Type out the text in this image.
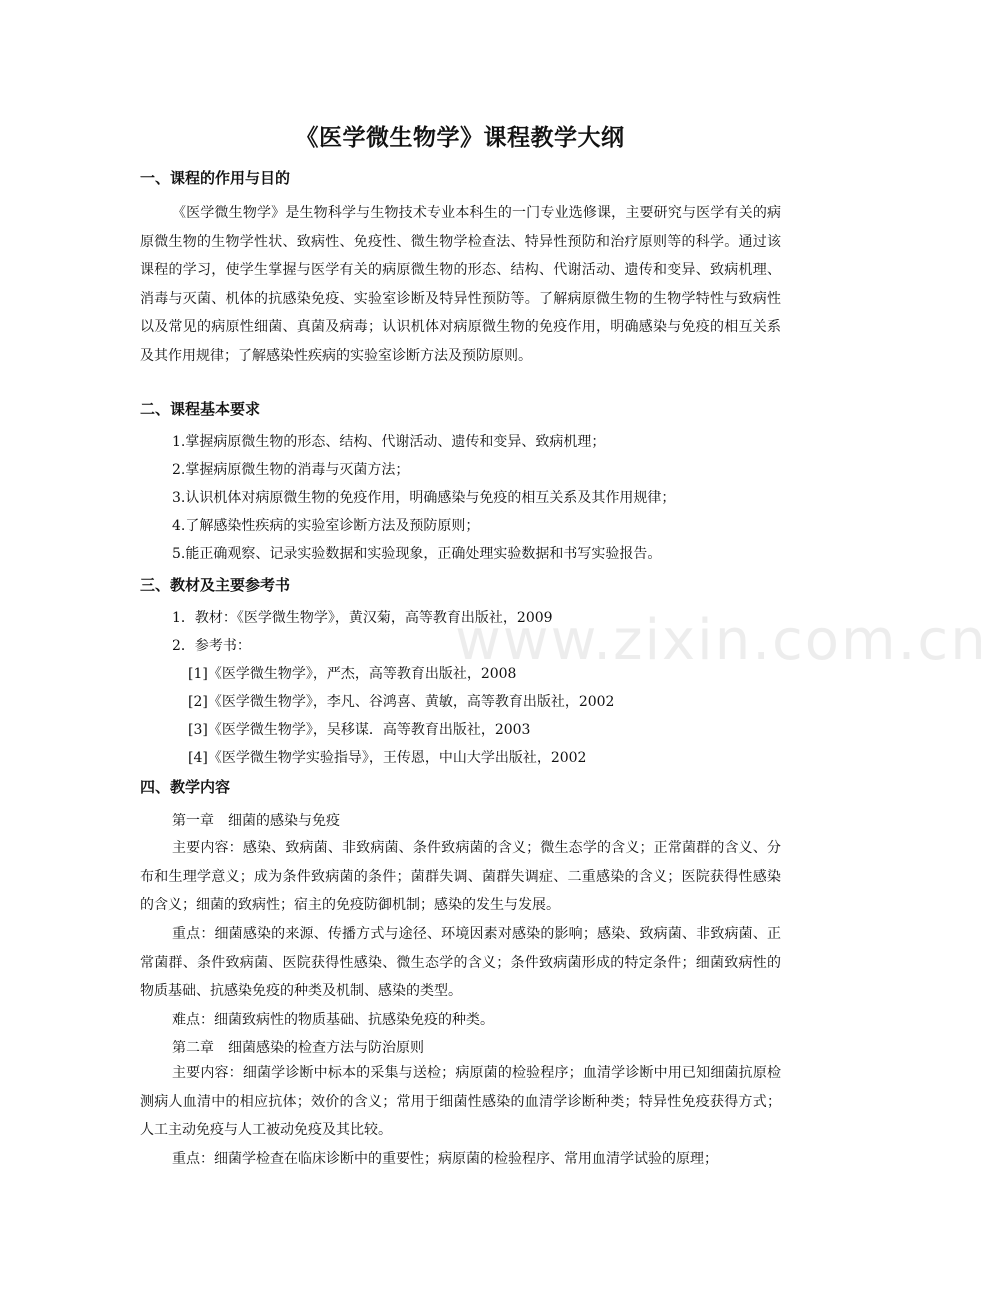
《医学微生物学》课程教学大纲
一、课程的作用与目的

《医学微生物学》是生物科学与生物技术专业本科生的一门专业选修课，主要研究与医学有关的病原微生物的生物学性状、致病性、免疫性、微生物学检查法、特异性预防和治疗原则等的科学。通过该课程的学习，使学生掌握与医学有关的病原微生物的形态、结构、代谢活动、遗传和变异、致病机理、消毒与灭菌、机体的抗感染免疫、实验室诊断及特异性预防等。了解病原微生物的生物学特性与致病性以及常见的病原性细菌、真菌及病毒；认识机体对病原微生物的免疫作用，明确感染与免疫的相互关系及其作用规律；了解感染性疾病的实验室诊断方法及预防原则。

二、课程基本要求
1.掌握病原微生物的形态、结构、代谢活动、遗传和变异、致病机理；
2.掌握病原微生物的消毒与灭菌方法；
3.认识机体对病原微生物的免疫作用，明确感染与免疫的相互关系及其作用规律；
4.了解感染性疾病的实验室诊断方法及预防原则；
5.能正确观察、记录实验数据和实验现象，正确处理实验数据和书写实验报告。
三、教材及主要参考书
1．教材：《医学微生物学》，黄汉菊，高等教育出版社，2009
2．参考书：
[1]《医学微生物学》，严杰，高等教育出版社，2008
[2]《医学微生物学》，李凡、谷鸿喜、黄敏，高等教育出版社，2002
[3]《医学微生物学》，吴移谋．高等教育出版社，2003
[4]《医学微生物学实验指导》，王传恩，中山大学出版社，2002
四、教学内容
第一章　细菌的感染与免疫

主要内容：感染、致病菌、非致病菌、条件致病菌的含义；微生态学的含义；正常菌群的含义、分布和生理学意义；成为条件致病菌的条件；菌群失调、菌群失调症、二重感染的含义；医院获得性感染的含义；细菌的致病性；宿主的免疫防御机制；感染的发生与发展。

重点：细菌感染的来源、传播方式与途径、环境因素对感染的影响；感染、致病菌、非致病菌、正常菌群、条件致病菌、医院获得性感染、微生态学的含义；条件致病菌形成的特定条件；细菌致病性的物质基础、抗感染免疫的种类及机制、感染的类型。

难点：细菌致病性的物质基础、抗感染免疫的种类。
第二章　细菌感染的检查方法与防治原则

主要内容：细菌学诊断中标本的采集与送检；病原菌的检验程序；血清学诊断中用已知细菌抗原检测病人血清中的相应抗体；效价的含义；常用于细菌性感染的血清学诊断种类；特异性免疫获得方式；人工主动免疫与人工被动免疫及其比较。

重点：细菌学检查在临床诊断中的重要性；病原菌的检验程序、常用血清学试验的原理；

www.zixin.com.cn
